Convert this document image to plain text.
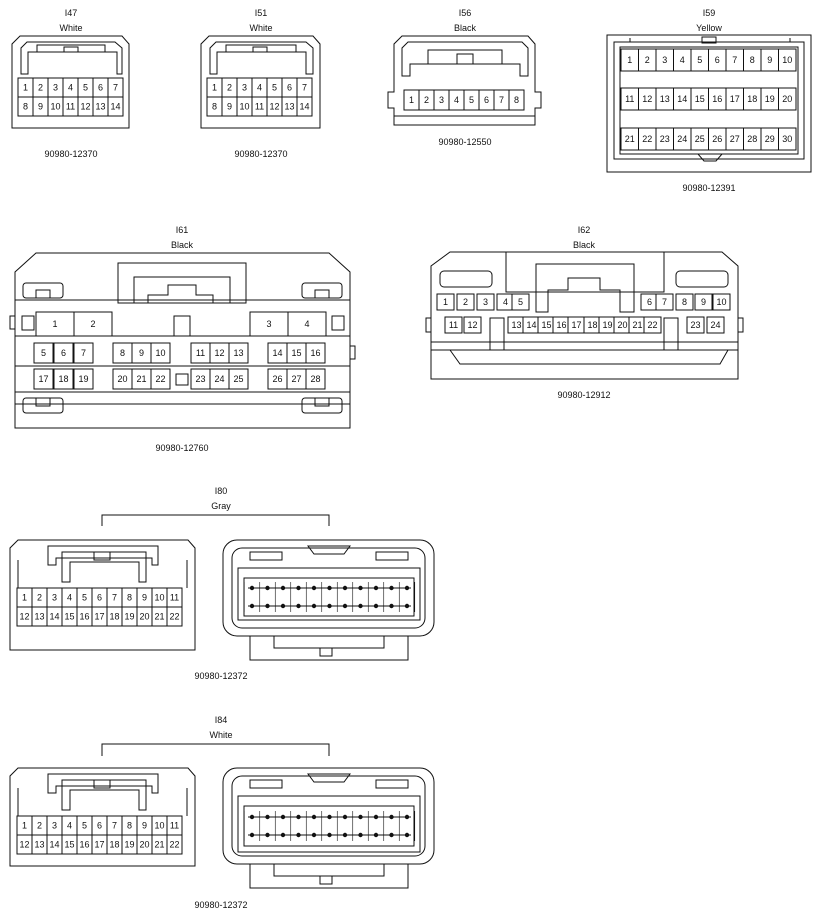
I47
White
90980-12370
I51
White
90980-12370
I56
Black
90980-12550
I59
Yellow
90980-12391
I61
Black
90980-12760
I62
Black
90980-12912
I80
Gray
90980-12372
I84
White
90980-12372
1 2 3 4 5 6 7
8 9 10 11 12 13 14
1 2 3 4 5 6 7
8 9 10 11 12 13 14
1 2 3 4 5 6 7 8
1 2 3 4 5 6 7 8 9 10
11 12 13 14 15 16 17 18 19 20
21 22 23 24 25 26 27 28 29 30
1	2	3	4
5 6 7	8 9 10	11 12 13	14 15 16
17 18 19	20 21 22	23 24 25	26 27 28
1 2 3 4 5	6 7 8 9 10
11 12	13 14 15 16 17 18 19 20 21 22	23 24
1 2 3 4 5 6 7 8 9 10 11
12 13 14 15 16 17 18 19 20 21 22
1 2 3 4 5 6 7 8 9 10 11
12 13 14 15 16 17 18 19 20 21 22
